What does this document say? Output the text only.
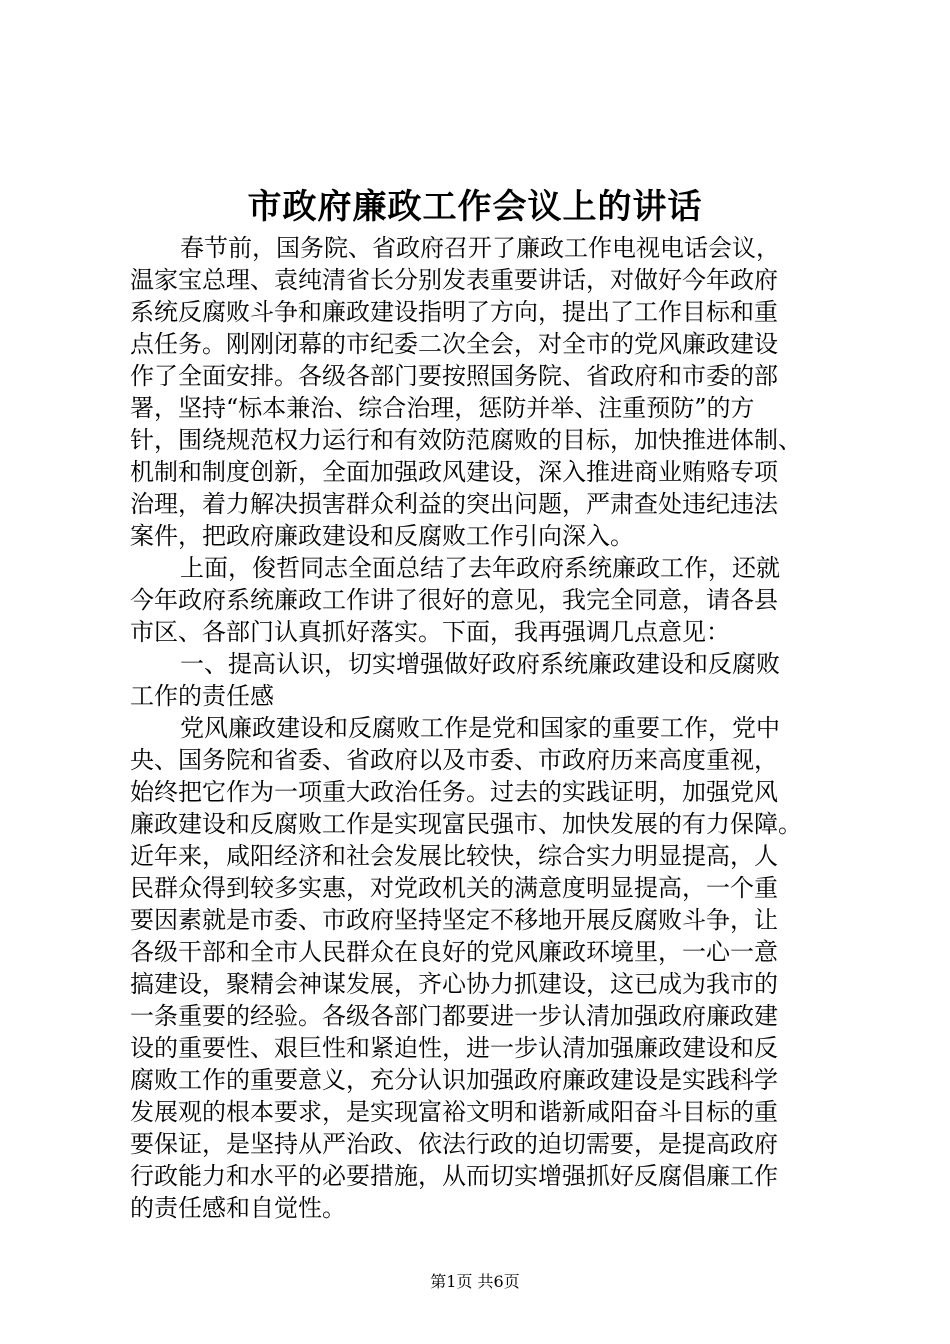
市政府廉政工作会议上的讲话
春节前，国务院、省政府召开了廉政工作电视电话会议，
温家宝总理、袁纯清省长分别发表重要讲话，对做好今年政府
系统反腐败斗争和廉政建设指明了方向，提出了工作目标和重
点任务。刚刚闭幕的市纪委二次全会，对全市的党风廉政建设
作了全面安排。各级各部门要按照国务院、省政府和市委的部
署，坚持“标本兼治、综合治理，惩防并举、注重预防”的方
针，围绕规范权力运行和有效防范腐败的目标，加快推进体制、
机制和制度创新，全面加强政风建设，深入推进商业贿赂专项
治理，着力解决损害群众利益的突出问题，严肃查处违纪违法
案件，把政府廉政建设和反腐败工作引向深入。
上面，俊哲同志全面总结了去年政府系统廉政工作，还就
今年政府系统廉政工作讲了很好的意见，我完全同意，请各县
市区、各部门认真抓好落实。下面，我再强调几点意见：
一、提高认识，切实增强做好政府系统廉政建设和反腐败
工作的责任感
党风廉政建设和反腐败工作是党和国家的重要工作，党中
央、国务院和省委、省政府以及市委、市政府历来高度重视，
始终把它作为一项重大政治任务。过去的实践证明，加强党风
廉政建设和反腐败工作是实现富民强市、加快发展的有力保障。
近年来，咸阳经济和社会发展比较快，综合实力明显提高，人
民群众得到较多实惠，对党政机关的满意度明显提高，一个重
要因素就是市委、市政府坚持坚定不移地开展反腐败斗争，让
各级干部和全市人民群众在良好的党风廉政环境里，一心一意
搞建设，聚精会神谋发展，齐心协力抓建设，这已成为我市的
一条重要的经验。各级各部门都要进一步认清加强政府廉政建
设的重要性、艰巨性和紧迫性，进一步认清加强廉政建设和反
腐败工作的重要意义，充分认识加强政府廉政建设是实践科学
发展观的根本要求，是实现富裕文明和谐新咸阳奋斗目标的重
要保证，是坚持从严治政、依法行政的迫切需要，是提高政府
行政能力和水平的必要措施，从而切实增强抓好反腐倡廉工作
的责任感和自觉性。
第1页 共6页
